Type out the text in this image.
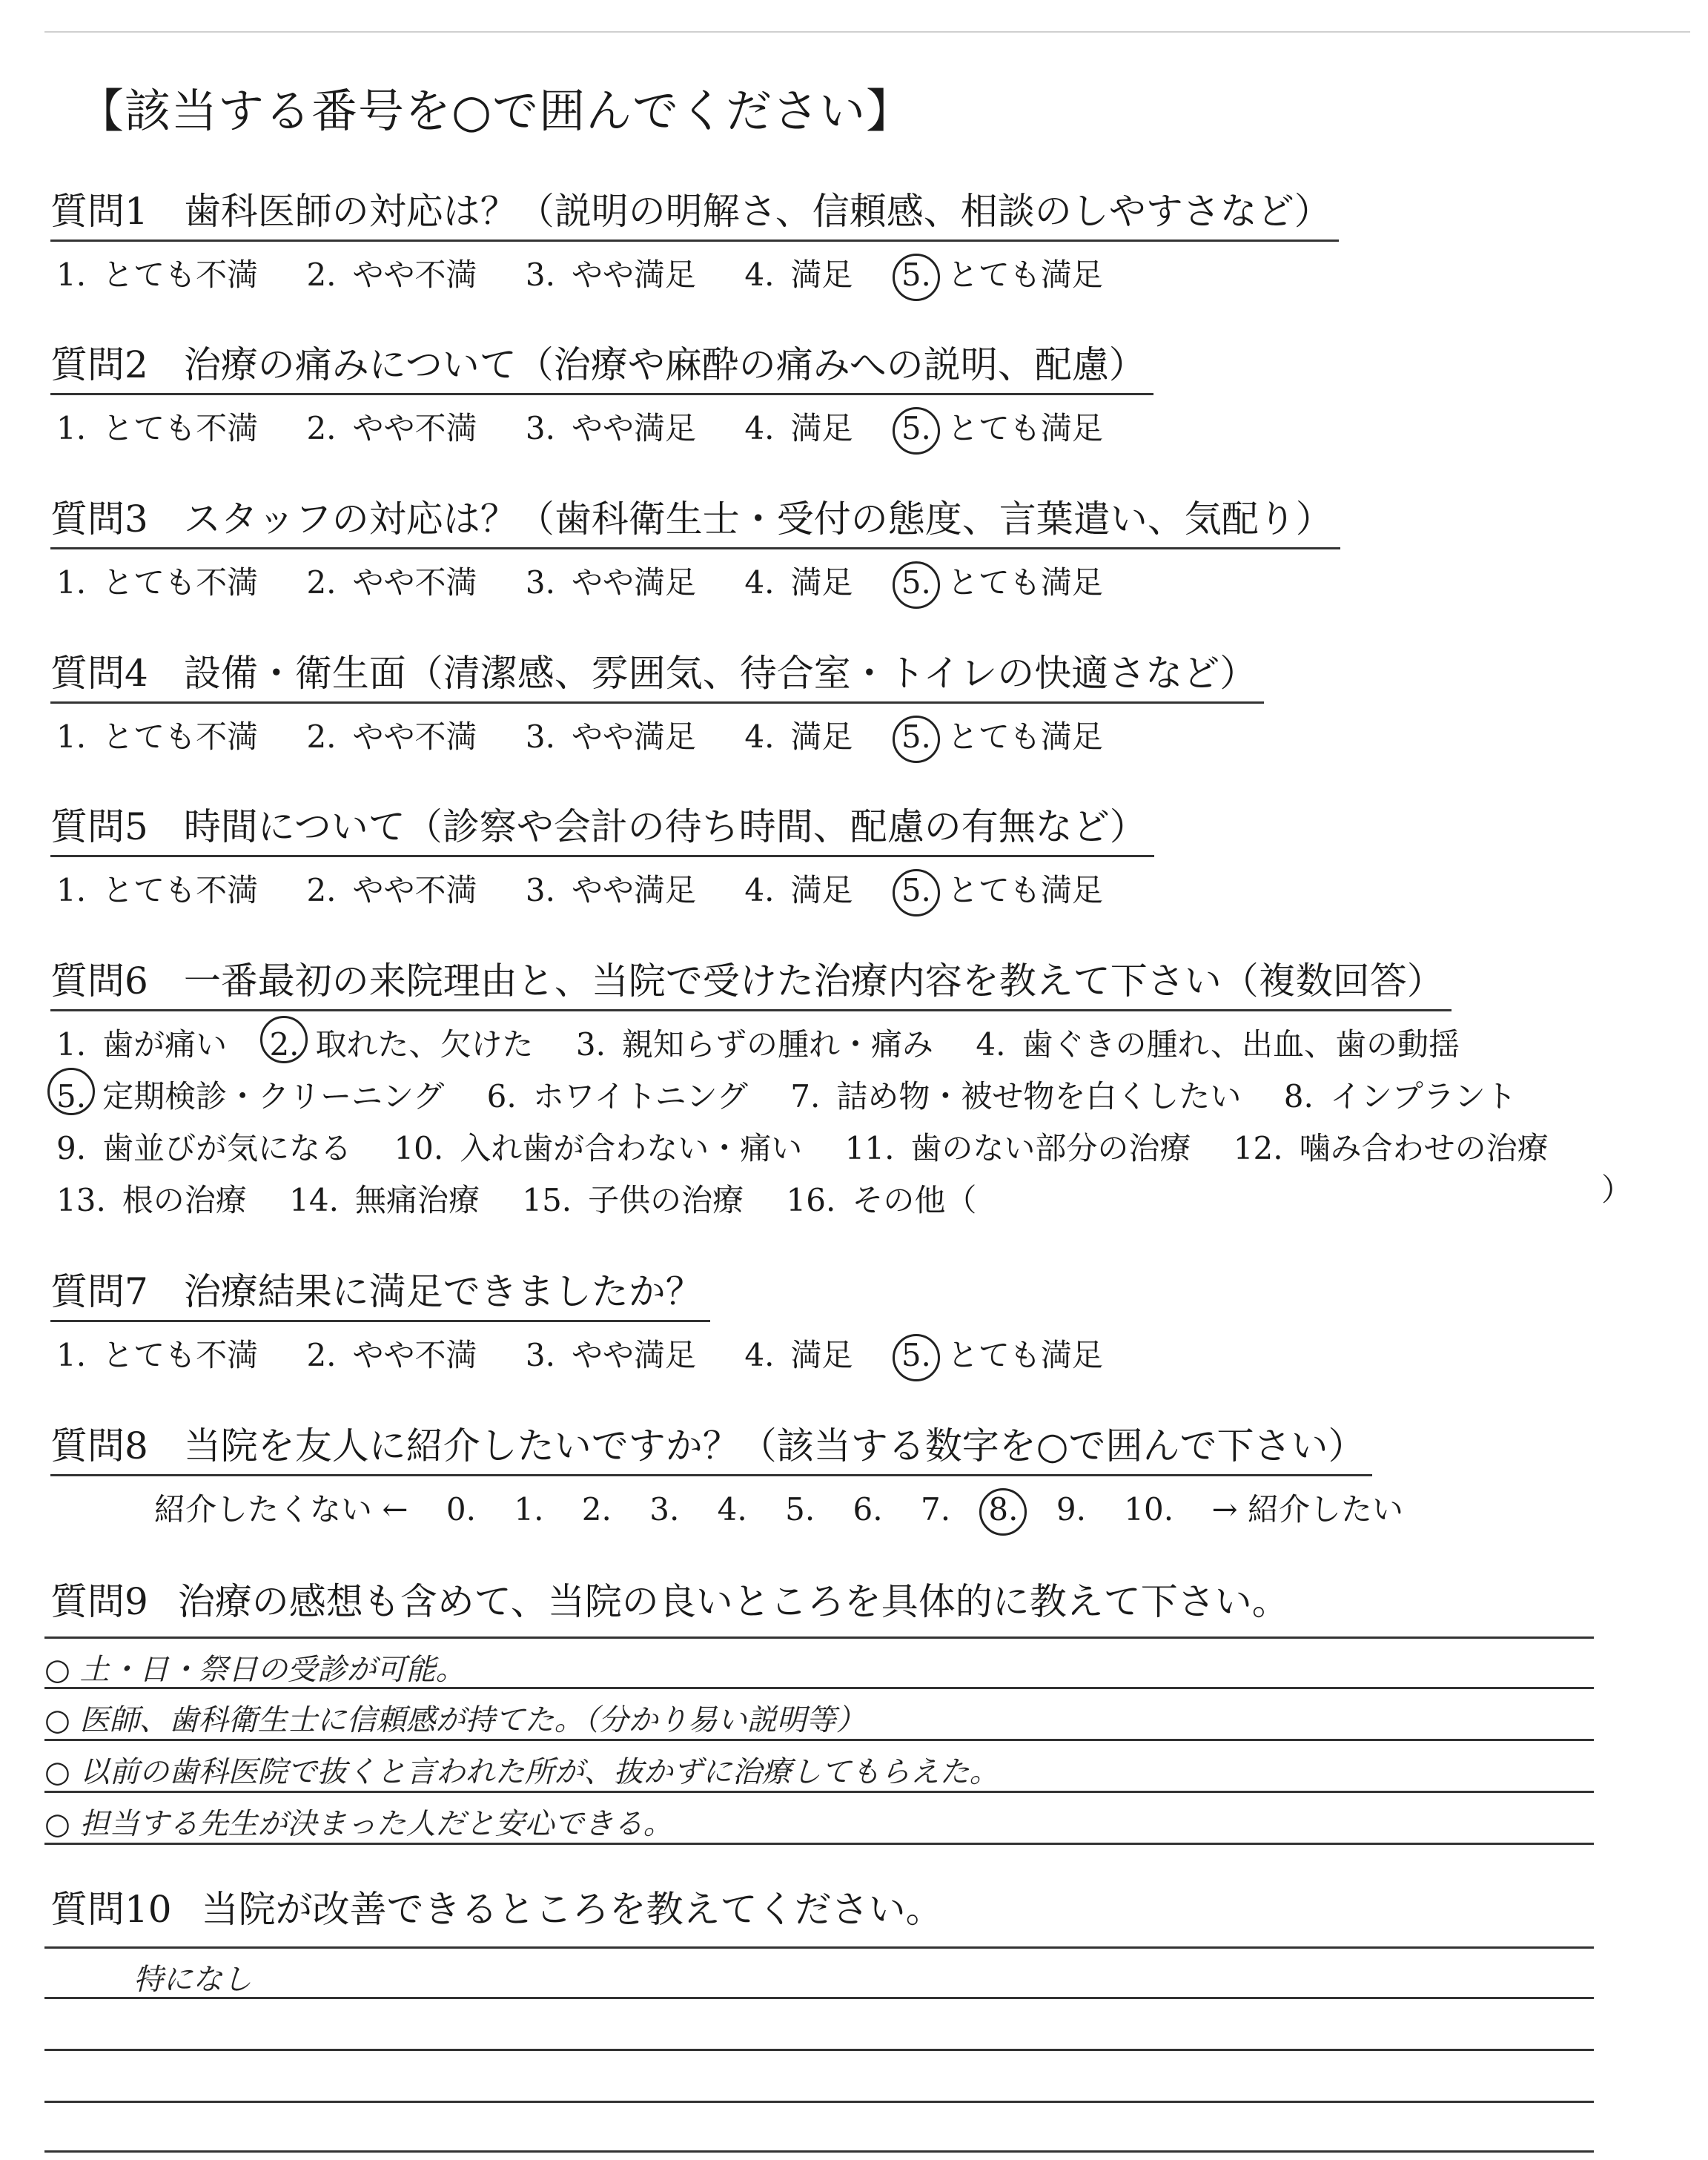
【該当する番号を○で囲んでください】
質問1 歯科医師の対応は？（説明の明解さ、信頼感、相談のしやすさなど）
1. とても不満 2. やや不満 3. やや満足 4. 満足 5. とても満足
質問2 治療の痛みについて（治療や麻酔の痛みへの説明、配慮）
1. とても不満 2. やや不満 3. やや満足 4. 満足 5. とても満足
質問3 スタッフの対応は？（歯科衛生士・受付の態度、言葉遣い、気配り）
1. とても不満 2. やや不満 3. やや満足 4. 満足 5. とても満足
質問4 設備・衛生面（清潔感、雰囲気、待合室・トイレの快適さなど）
1. とても不満 2. やや不満 3. やや満足 4. 満足 5. とても満足
質問5 時間について（診察や会計の待ち時間、配慮の有無など）
1. とても不満 2. やや不満 3. やや満足 4. 満足 5. とても満足
質問6 一番最初の来院理由と、当院で受けた治療内容を教えて下さい（複数回答）
1. 歯が痛い 2. 取れた、欠けた 3. 親知らずの腫れ・痛み 4. 歯ぐきの腫れ、出血、歯の動揺
5. 定期検診・クリーニング 6. ホワイトニング 7. 詰め物・被せ物を白くしたい 8. インプラント
9. 歯並びが気になる 10. 入れ歯が合わない・痛い 11. 歯のない部分の治療 12. 噛み合わせの治療
13. 根の治療 14. 無痛治療 15. 子供の治療 16. その他（	）
質問7 治療結果に満足できましたか？
1. とても不満 2. やや不満 3. やや満足 4. 満足 5. とても満足
質問8 当院を友人に紹介したいですか？（該当する数字を○で囲んで下さい）
紹介したくない ← 0. 1. 2. 3. 4. 5. 6. 7. 8. 9. 10. → 紹介したい
質問9 治療の感想も含めて、当院の良いところを具体的に教えて下さい。
○ 土・日・祭日の受診が可能。
○ 医師、歯科衛生士に信頼感が持てた。（分かり易い説明等）
○ 以前の歯科医院で抜くと言われた所が、抜かずに治療してもらえた。
○ 担当する先生が決まった人だと安心できる。
質問10 当院が改善できるところを教えてください。
特になし
